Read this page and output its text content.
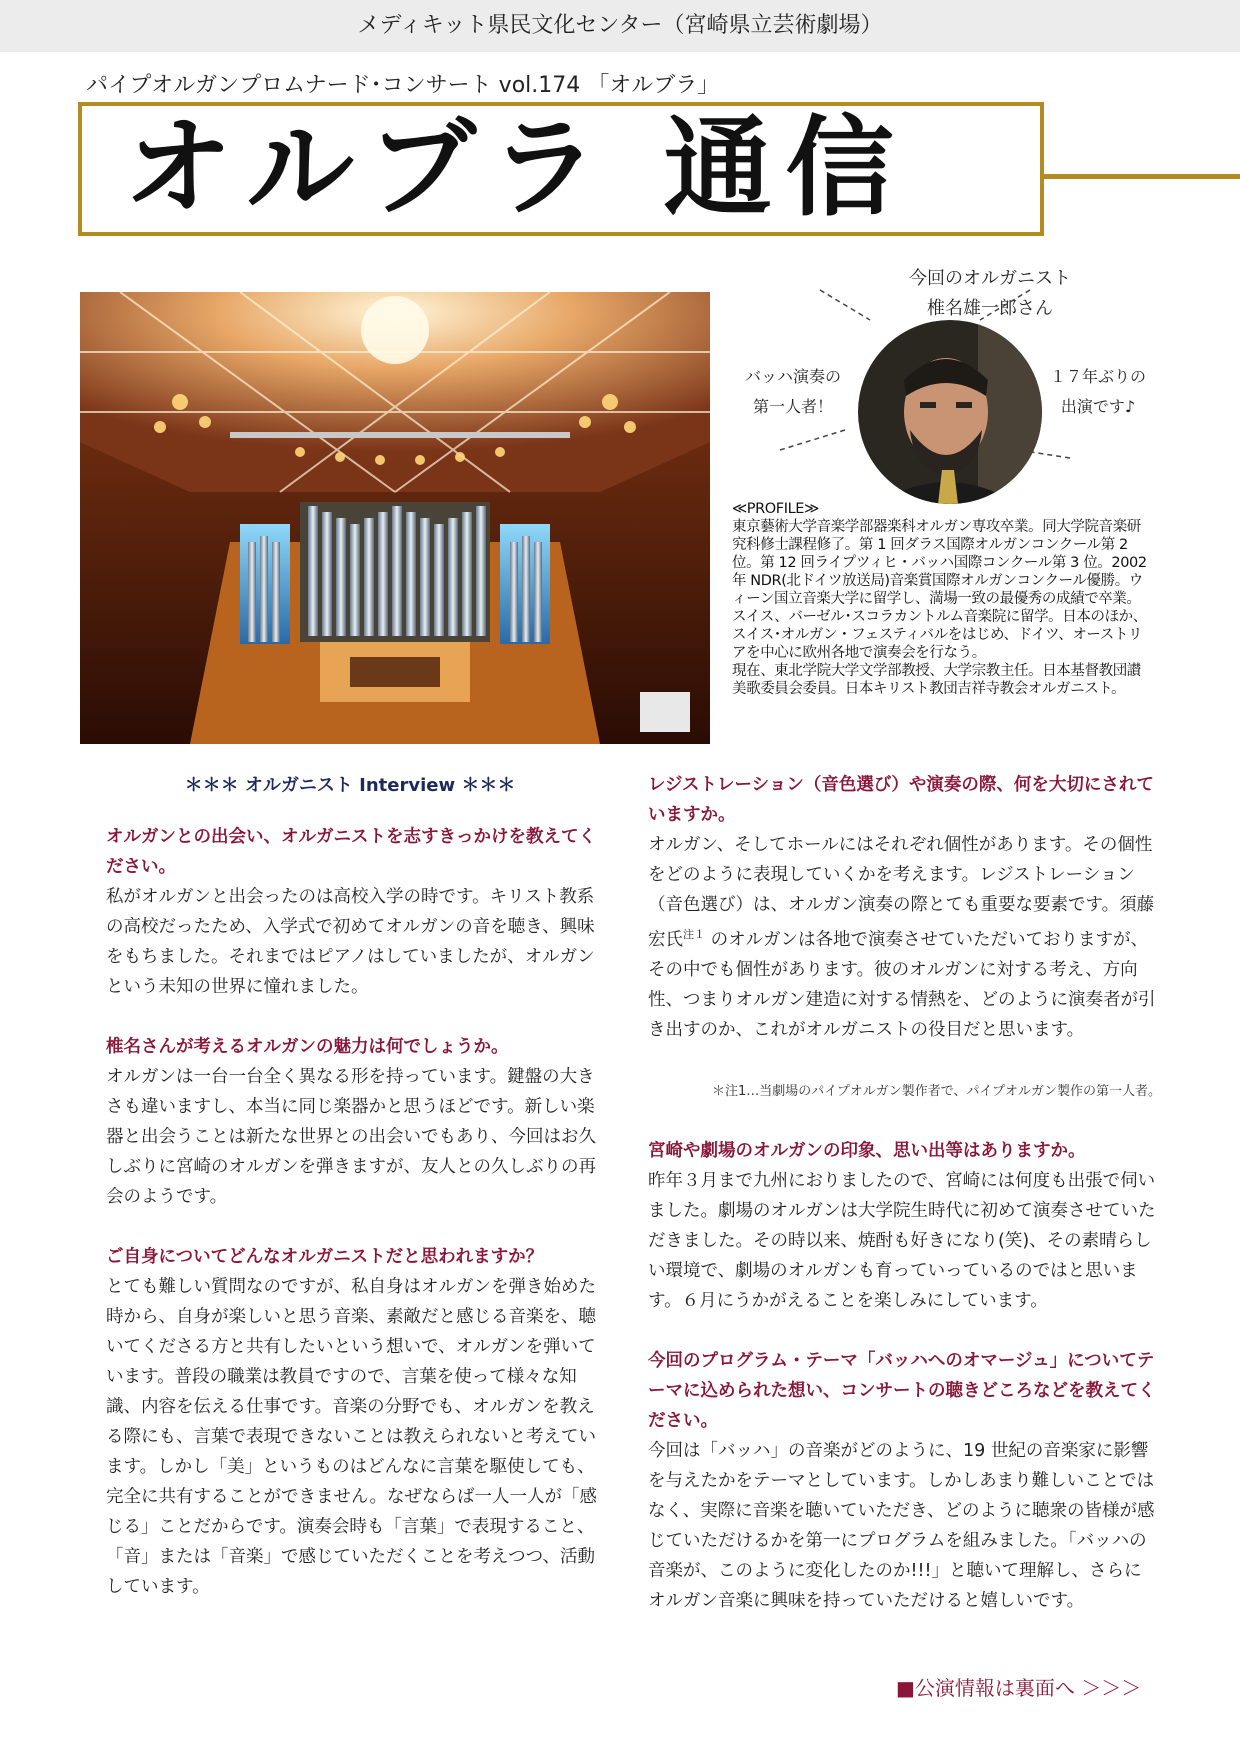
メディキット県民文化センター（宮崎県立芸術劇場）
パイプオルガンプロムナード･コンサート vol.174 「オルブラ」
オルブラ 通信
今回のオルガニスト
椎名雄一郎さん
バッハ演奏の
第一人者！
１７年ぶりの
出演です♪
≪PROFILE≫
東京藝術大学音楽学部器楽科オルガン専攻卒業。同大学院音楽研究科修士課程修了。第 1 回ダラス国際オルガンコンクール第 2 位。第 12 回ライプツィヒ・バッハ国際コンクール第 3 位。2002 年 NDR(北ドイツ放送局)音楽賞国際オルガンコンクール優勝。ウィーン国立音楽大学に留学し、満場一致の最優秀の成績で卒業。スイス、バーゼル･スコラカントルム音楽院に留学。日本のほか、スイス･オルガン・フェスティバルをはじめ、ドイツ、オーストリアを中心に欧州各地で演奏会を行なう。
現在、東北学院大学文学部教授、大学宗教主任。日本基督教団讃美歌委員会委員。日本キリスト教団吉祥寺教会オルガニスト。
＊＊＊ オルガニスト Interview ＊＊＊

オルガンとの出会い、オルガニストを志すきっかけを教えてください。

私がオルガンと出会ったのは高校入学の時です。キリスト教系の高校だったため、入学式で初めてオルガンの音を聴き、興味をもちました。それまではピアノはしていましたが、オルガンという未知の世界に憧れました。

椎名さんが考えるオルガンの魅力は何でしょうか。

オルガンは一台一台全く異なる形を持っています。鍵盤の大きさも違いますし、本当に同じ楽器かと思うほどです。新しい楽器と出会うことは新たな世界との出会いでもあり、今回はお久しぶりに宮崎のオルガンを弾きますが、友人との久しぶりの再会のようです。

ご自身についてどんなオルガニストだと思われますか？

とても難しい質問なのですが、私自身はオルガンを弾き始めた時から、自身が楽しいと思う音楽、素敵だと感じる音楽を、聴いてくださる方と共有したいという想いで、オルガンを弾いています。普段の職業は教員ですので、言葉を使って様々な知識、内容を伝える仕事です。音楽の分野でも、オルガンを教える際にも、言葉で表現できないことは教えられないと考えています。しかし「美」というものはどんなに言葉を駆使しても、完全に共有することができません。なぜならば一人一人が「感じる」ことだからです。演奏会時も「言葉」で表現すること、「音」または「音楽」で感じていただくことを考えつつ、活動しています。

レジストレーション（音色選び）や演奏の際、何を大切にされていますか。

オルガン、そしてホールにはそれぞれ個性があります。その個性をどのように表現していくかを考えます。レジストレーション（音色選び）は、オルガン演奏の際とても重要な要素です。須藤宏氏$^{注1}$ のオルガンは各地で演奏させていただいておりますが、その中でも個性があります。彼のオルガンに対する考え、方向性、つまりオルガン建造に対する情熱を、どのように演奏者が引き出すのか、これがオルガニストの役目だと思います。

＊注1…当劇場のパイプオルガン製作者で、パイプオルガン製作の第一人者。

宮崎や劇場のオルガンの印象、思い出等はありますか。

昨年３月まで九州におりましたので、宮崎には何度も出張で伺いました。劇場のオルガンは大学院生時代に初めて演奏させていただきました。その時以来、焼酎も好きになり(笑)、その素晴らしい環境で、劇場のオルガンも育っていっているのではと思います。６月にうかがえることを楽しみにしています。

今回のプログラム・テーマ「バッハへのオマージュ」についてテーマに込められた想い、コンサートの聴きどころなどを教えてください。

今回は「バッハ」の音楽がどのように、19 世紀の音楽家に影響を与えたかをテーマとしています。しかしあまり難しいことではなく、実際に音楽を聴いていただき、どのように聴衆の皆様が感じていただけるかを第一にプログラムを組みました。「バッハの音楽が、このように変化したのか!!!」と聴いて理解し、さらにオルガン音楽に興味を持っていただけると嬉しいです。

■公演情報は裏面へ ＞＞＞
